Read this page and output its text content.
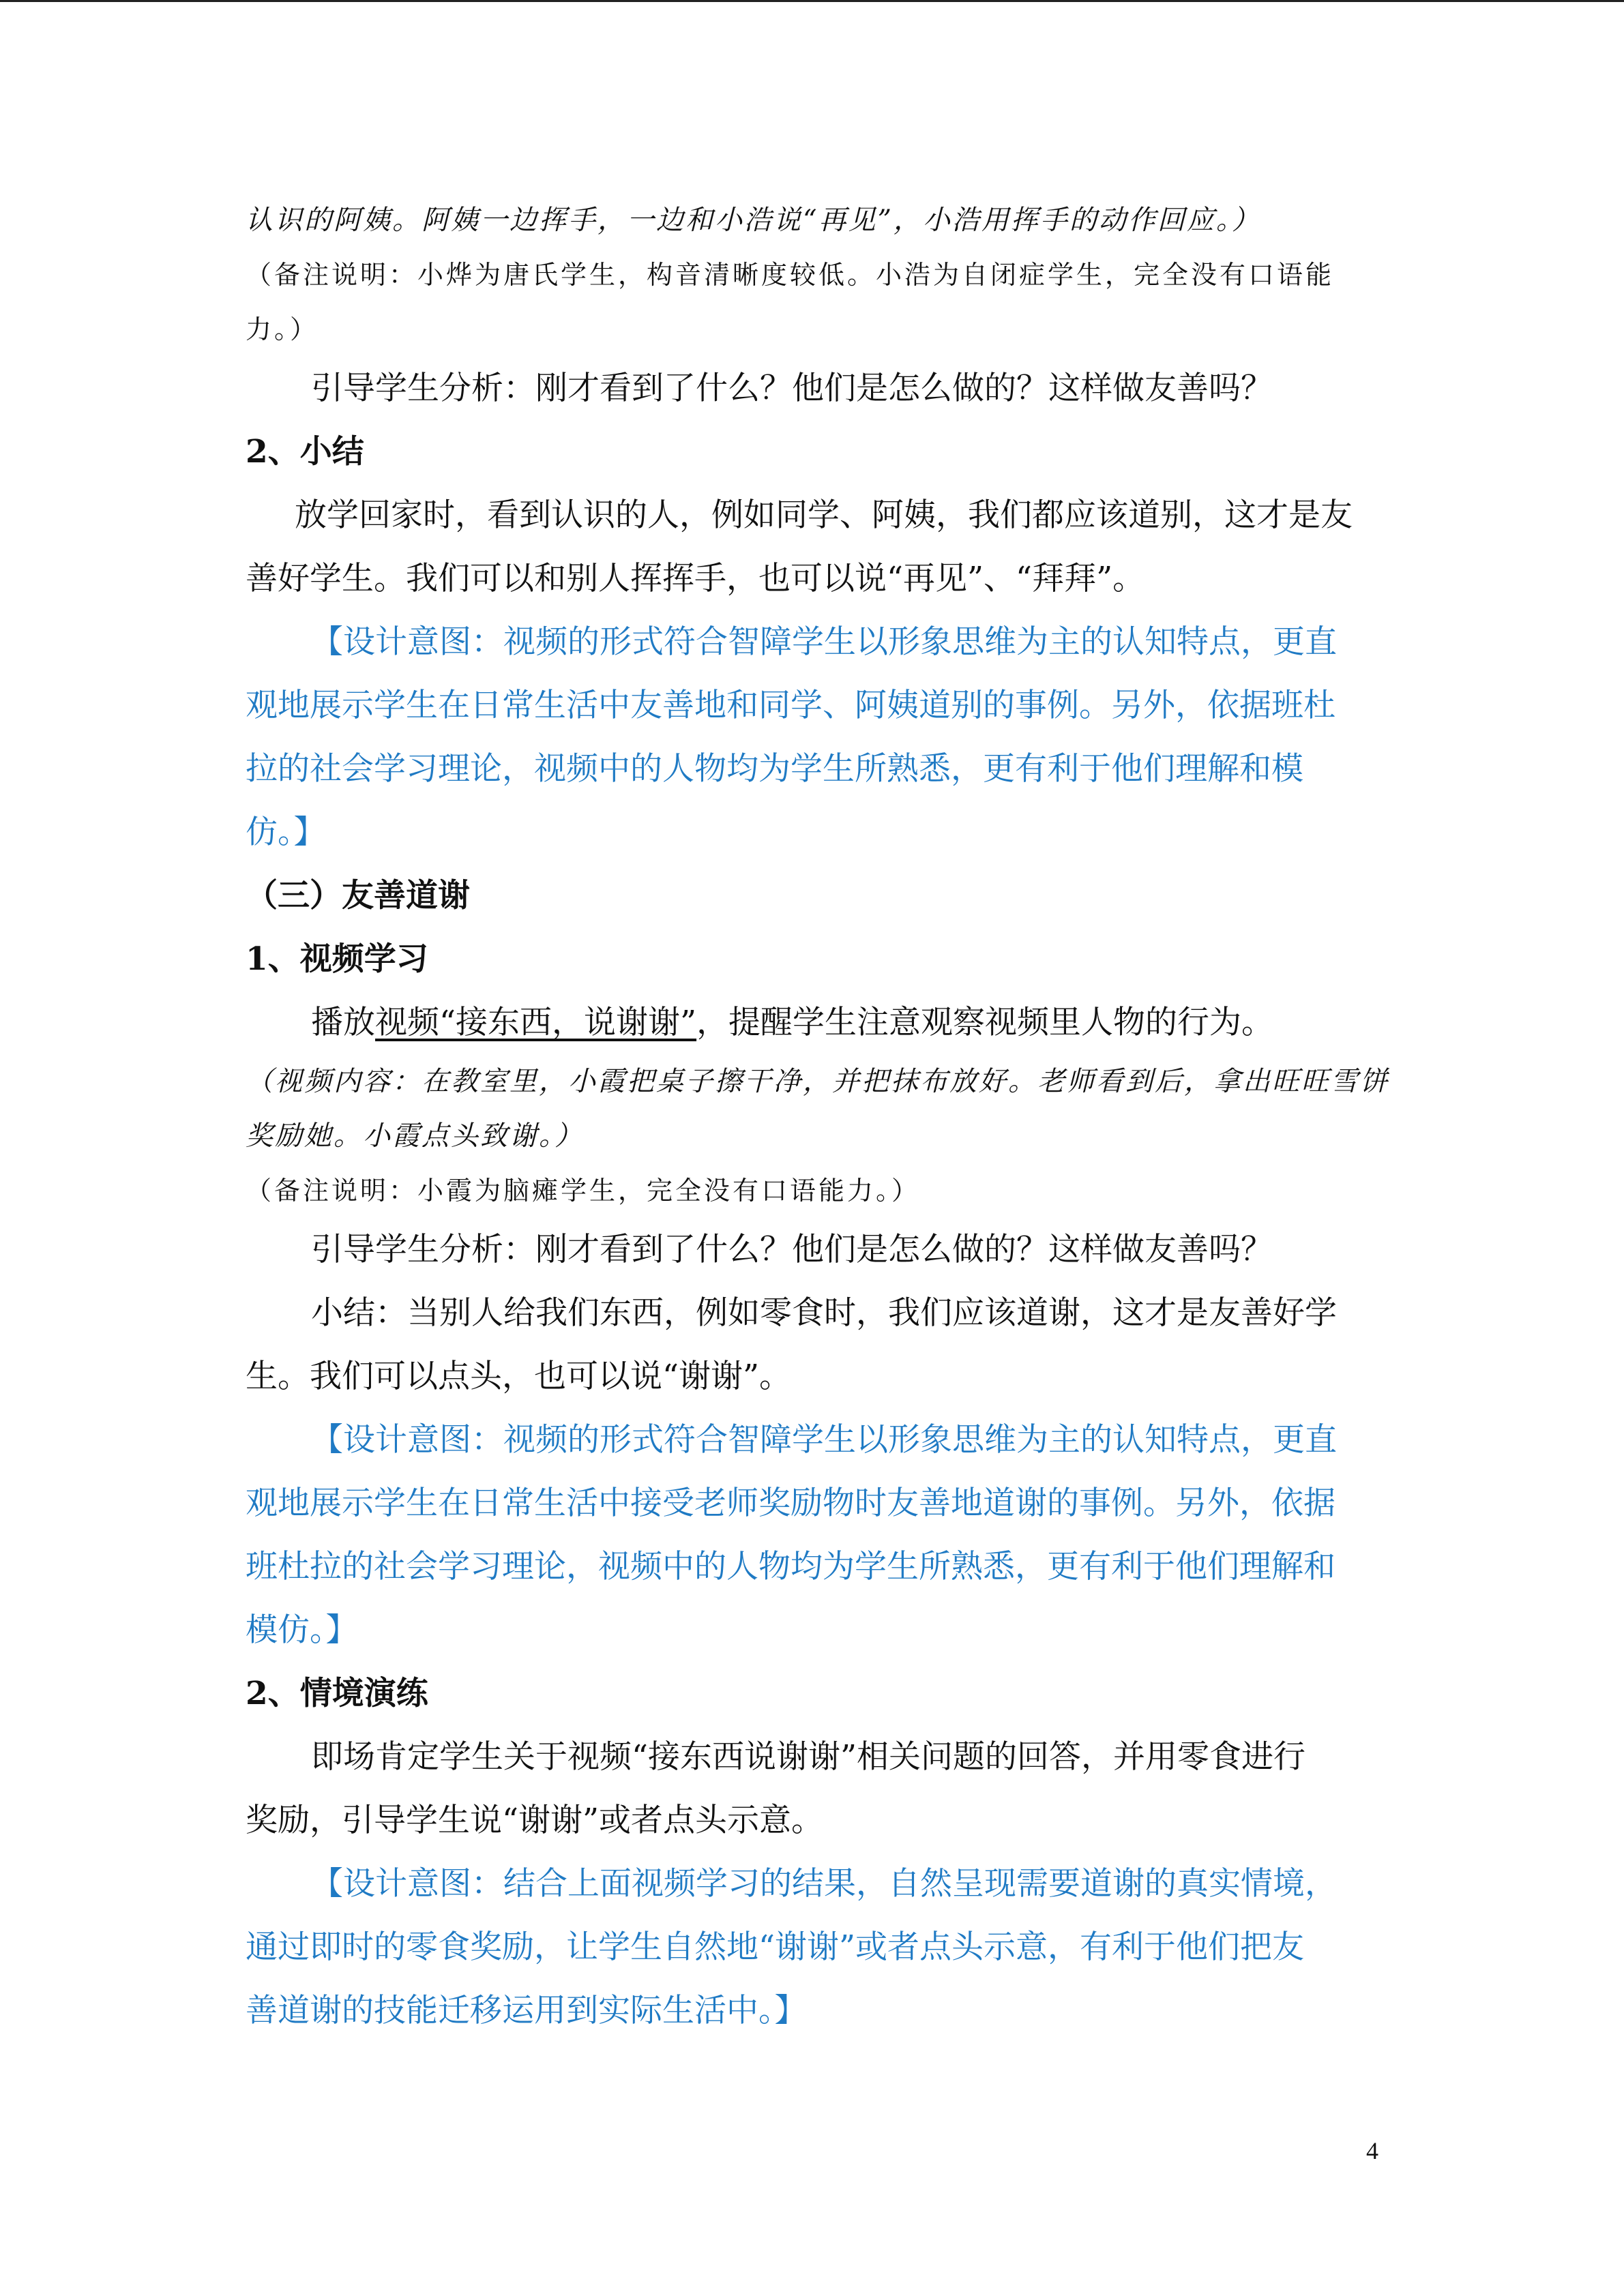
认识的阿姨。阿姨一边挥手，一边和小浩说“再见”，小浩用挥手的动作回应。）

（备注说明：小烨为唐氏学生，构音清晰度较低。小浩为自闭症学生，完全没有口语能

力。）

引导学生分析：刚才看到了什么？他们是怎么做的？这样做友善吗？

2、小结

放学回家时，看到认识的人，例如同学、阿姨，我们都应该道别，这才是友

善好学生。我们可以和别人挥挥手，也可以说“再见”、“拜拜”。

【设计意图：视频的形式符合智障学生以形象思维为主的认知特点，更直

观地展示学生在日常生活中友善地和同学、阿姨道别的事例。另外，依据班杜

拉的社会学习理论，视频中的人物均为学生所熟悉，更有利于他们理解和模

仿。】

（三）友善道谢

1、视频学习

播放视频“接东西，说谢谢”，提醒学生注意观察视频里人物的行为。

（视频内容：在教室里，小霞把桌子擦干净，并把抹布放好。老师看到后，拿出旺旺雪饼

奖励她。小霞点头致谢。）

（备注说明：小霞为脑瘫学生，完全没有口语能力。）

引导学生分析：刚才看到了什么？他们是怎么做的？这样做友善吗？

小结：当别人给我们东西，例如零食时，我们应该道谢，这才是友善好学

生。我们可以点头，也可以说“谢谢”。

【设计意图：视频的形式符合智障学生以形象思维为主的认知特点，更直

观地展示学生在日常生活中接受老师奖励物时友善地道谢的事例。另外，依据

班杜拉的社会学习理论，视频中的人物均为学生所熟悉，更有利于他们理解和

模仿。】

2、情境演练

即场肯定学生关于视频“接东西说谢谢”相关问题的回答，并用零食进行

奖励，引导学生说“谢谢”或者点头示意。

【设计意图：结合上面视频学习的结果，自然呈现需要道谢的真实情境，

通过即时的零食奖励，让学生自然地“谢谢”或者点头示意，有利于他们把友

善道谢的技能迁移运用到实际生活中。】

4
